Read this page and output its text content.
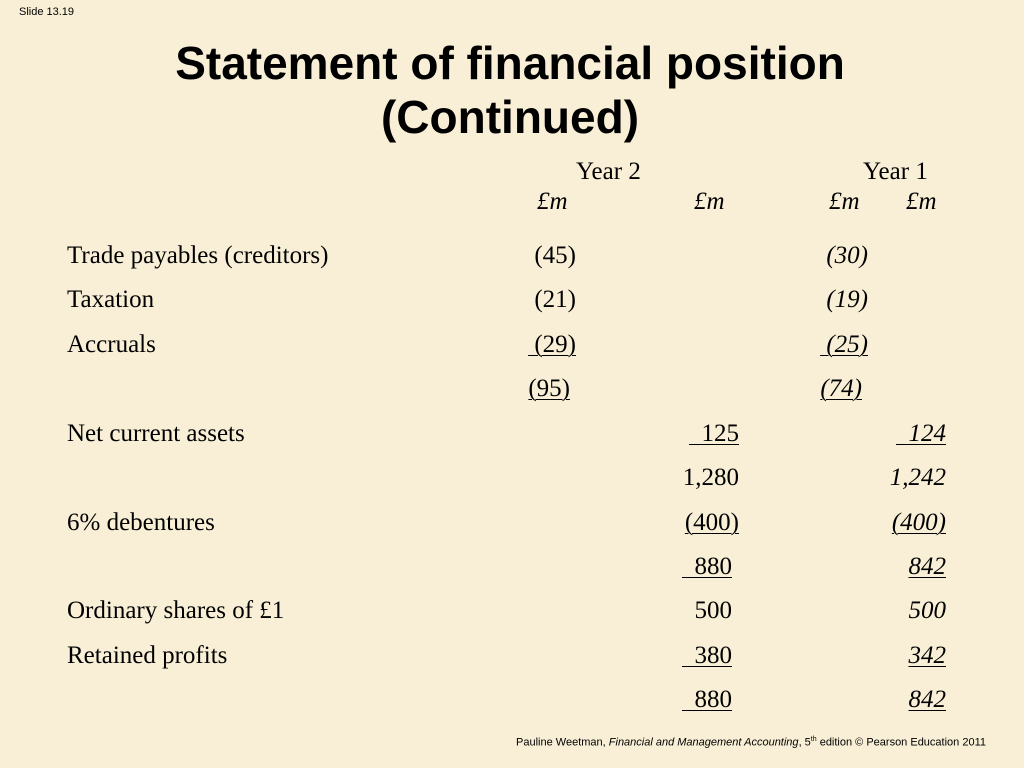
Slide 13.19
Statement of financial position
(Continued)
Year 2	Year 1
£m	£m	£m £m
Trade payables (creditors)	(45)	(30)
Taxation	(21)	(19)
Accruals	(29)	(25)
(95)	(74)
Net current assets	125	124
1,280	1,242
6% debentures	(400)	(400)
880	842
Ordinary shares of £1	500	500
Retained profits	380	342
880	842
Pauline Weetman, Financial and Management Accounting, 5th edition © Pearson Education 2011
